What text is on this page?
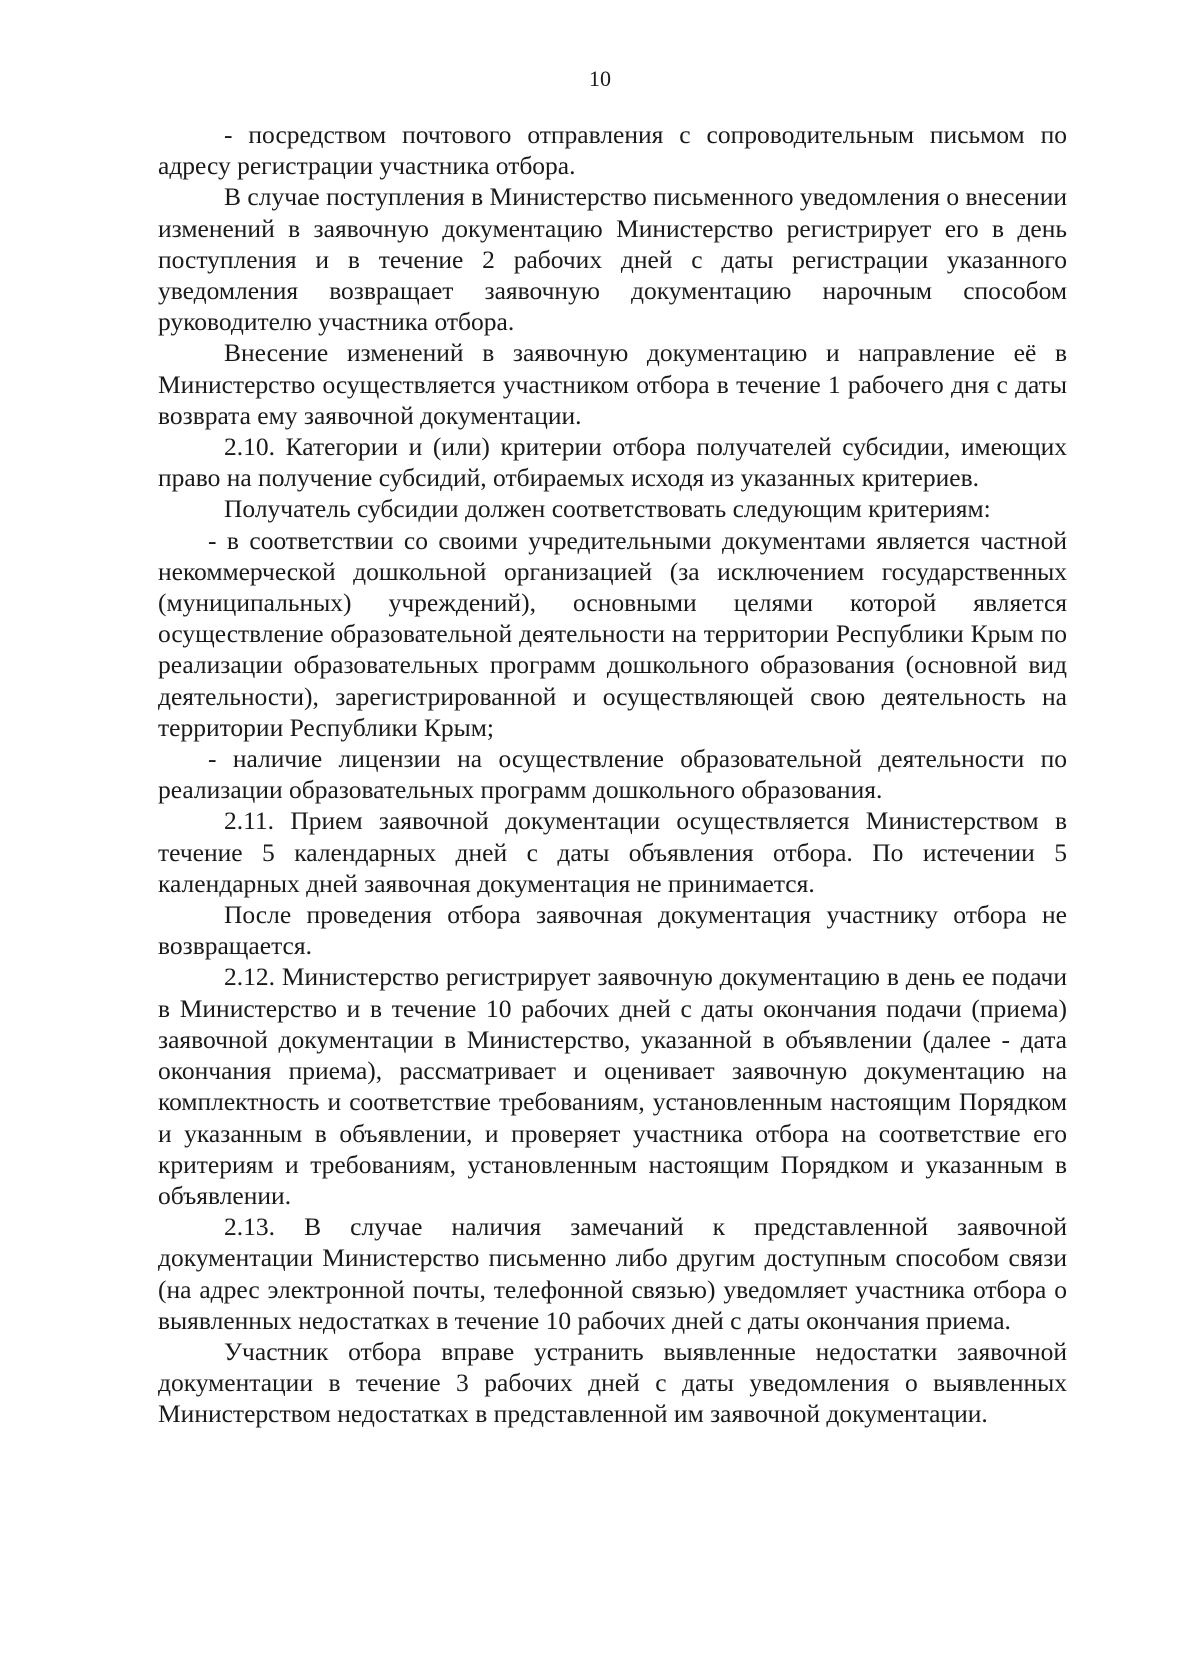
10

- посредством почтового отправления с сопроводительным письмом по адресу регистрации участника отбора.

В случае поступления в Министерство письменного уведомления о внесении изменений в заявочную документацию Министерство регистрирует его в день поступления и в течение 2 рабочих дней с даты регистрации указанного уведомления возвращает заявочную документацию нарочным способом руководителю участника отбора.

Внесение изменений в заявочную документацию и направление её в Министерство осуществляется участником отбора в течение 1 рабочего дня с даты возврата ему заявочной документации.

2.10. Категории и (или) критерии отбора получателей субсидии, имеющих право на получение субсидий, отбираемых исходя из указанных критериев.

Получатель субсидии должен соответствовать следующим критериям:

- в соответствии со своими учредительными документами является частной некоммерческой дошкольной организацией (за исключением государственных (муниципальных) учреждений), основными целями которой является осуществление образовательной деятельности на территории Республики Крым по реализации образовательных программ дошкольного образования (основной вид деятельности), зарегистрированной и осуществляющей свою деятельность на территории Республики Крым;

- наличие лицензии на осуществление образовательной деятельности по реализации образовательных программ дошкольного образования.

2.11. Прием заявочной документации осуществляется Министерством в течение 5 календарных дней с даты объявления отбора. По истечении 5 календарных дней заявочная документация не принимается.

После проведения отбора заявочная документация участнику отбора не возвращается.

2.12. Министерство регистрирует заявочную документацию в день ее подачи в Министерство и в течение 10 рабочих дней с даты окончания подачи (приема) заявочной документации в Министерство, указанной в объявлении (далее - дата окончания приема), рассматривает и оценивает заявочную документацию на комплектность и соответствие требованиям, установленным настоящим Порядком и указанным в объявлении, и проверяет участника отбора на соответствие его критериям и требованиям, установленным настоящим Порядком и указанным в объявлении.

2.13. В случае наличия замечаний к представленной заявочной документации Министерство письменно либо другим доступным способом связи (на адрес электронной почты, телефонной связью) уведомляет участника отбора о выявленных недостатках в течение 10 рабочих дней с даты окончания приема.

Участник отбора вправе устранить выявленные недостатки заявочной документации в течение 3 рабочих дней с даты уведомления о выявленных Министерством недостатках в представленной им заявочной документации.
